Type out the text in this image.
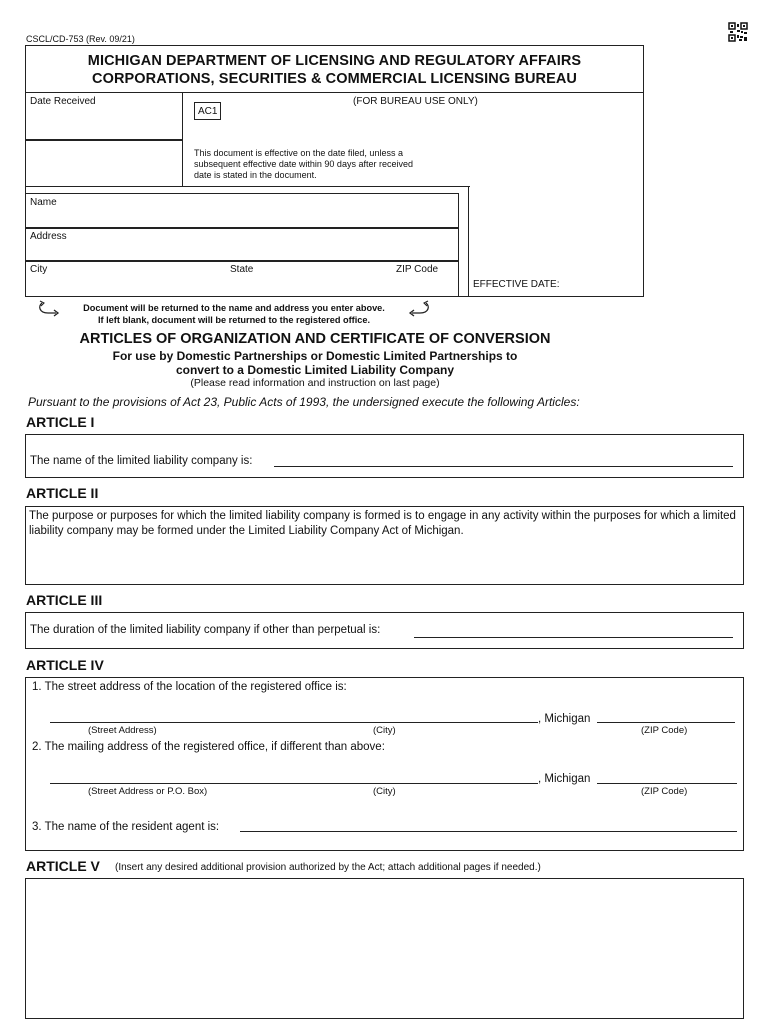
CSCL/CD-753 (Rev. 09/21)
MICHIGAN DEPARTMENT OF LICENSING AND REGULATORY AFFAIRS
CORPORATIONS, SECURITIES & COMMERCIAL LICENSING BUREAU
Date Received	(FOR BUREAU USE ONLY)
AC1
This document is effective on the date filed, unless a
subsequent effective date within 90 days after received
date is stated in the document.
Name
Address
City	State	ZIP Code
EFFECTIVE DATE:
Document will be returned to the name and address you enter above.
If left blank, document will be returned to the registered office.
ARTICLES OF ORGANIZATION AND CERTIFICATE OF CONVERSION
For use by Domestic Partnerships or Domestic Limited Partnerships to
convert to a Domestic Limited Liability Company
(Please read information and instruction on last page)
Pursuant to the provisions of Act 23, Public Acts of 1993, the undersigned execute the following Articles:
ARTICLE I
The name of the limited liability company is:
ARTICLE II
The purpose or purposes for which the limited liability company is formed is to engage in any activity within the purposes for which a limited liability company may be formed under the Limited Liability Company Act of Michigan.
ARTICLE III
The duration of the limited liability company if other than perpetual is:
ARTICLE IV
1. The street address of the location of the registered office is:
, Michigan
(Street Address)	(City)	(ZIP Code)
2. The mailing address of the registered office, if different than above:
, Michigan
(Street Address or P.O. Box)	(City)	(ZIP Code)
3. The name of the resident agent is:
ARTICLE V (Insert any desired additional provision authorized by the Act; attach additional pages if needed.)
